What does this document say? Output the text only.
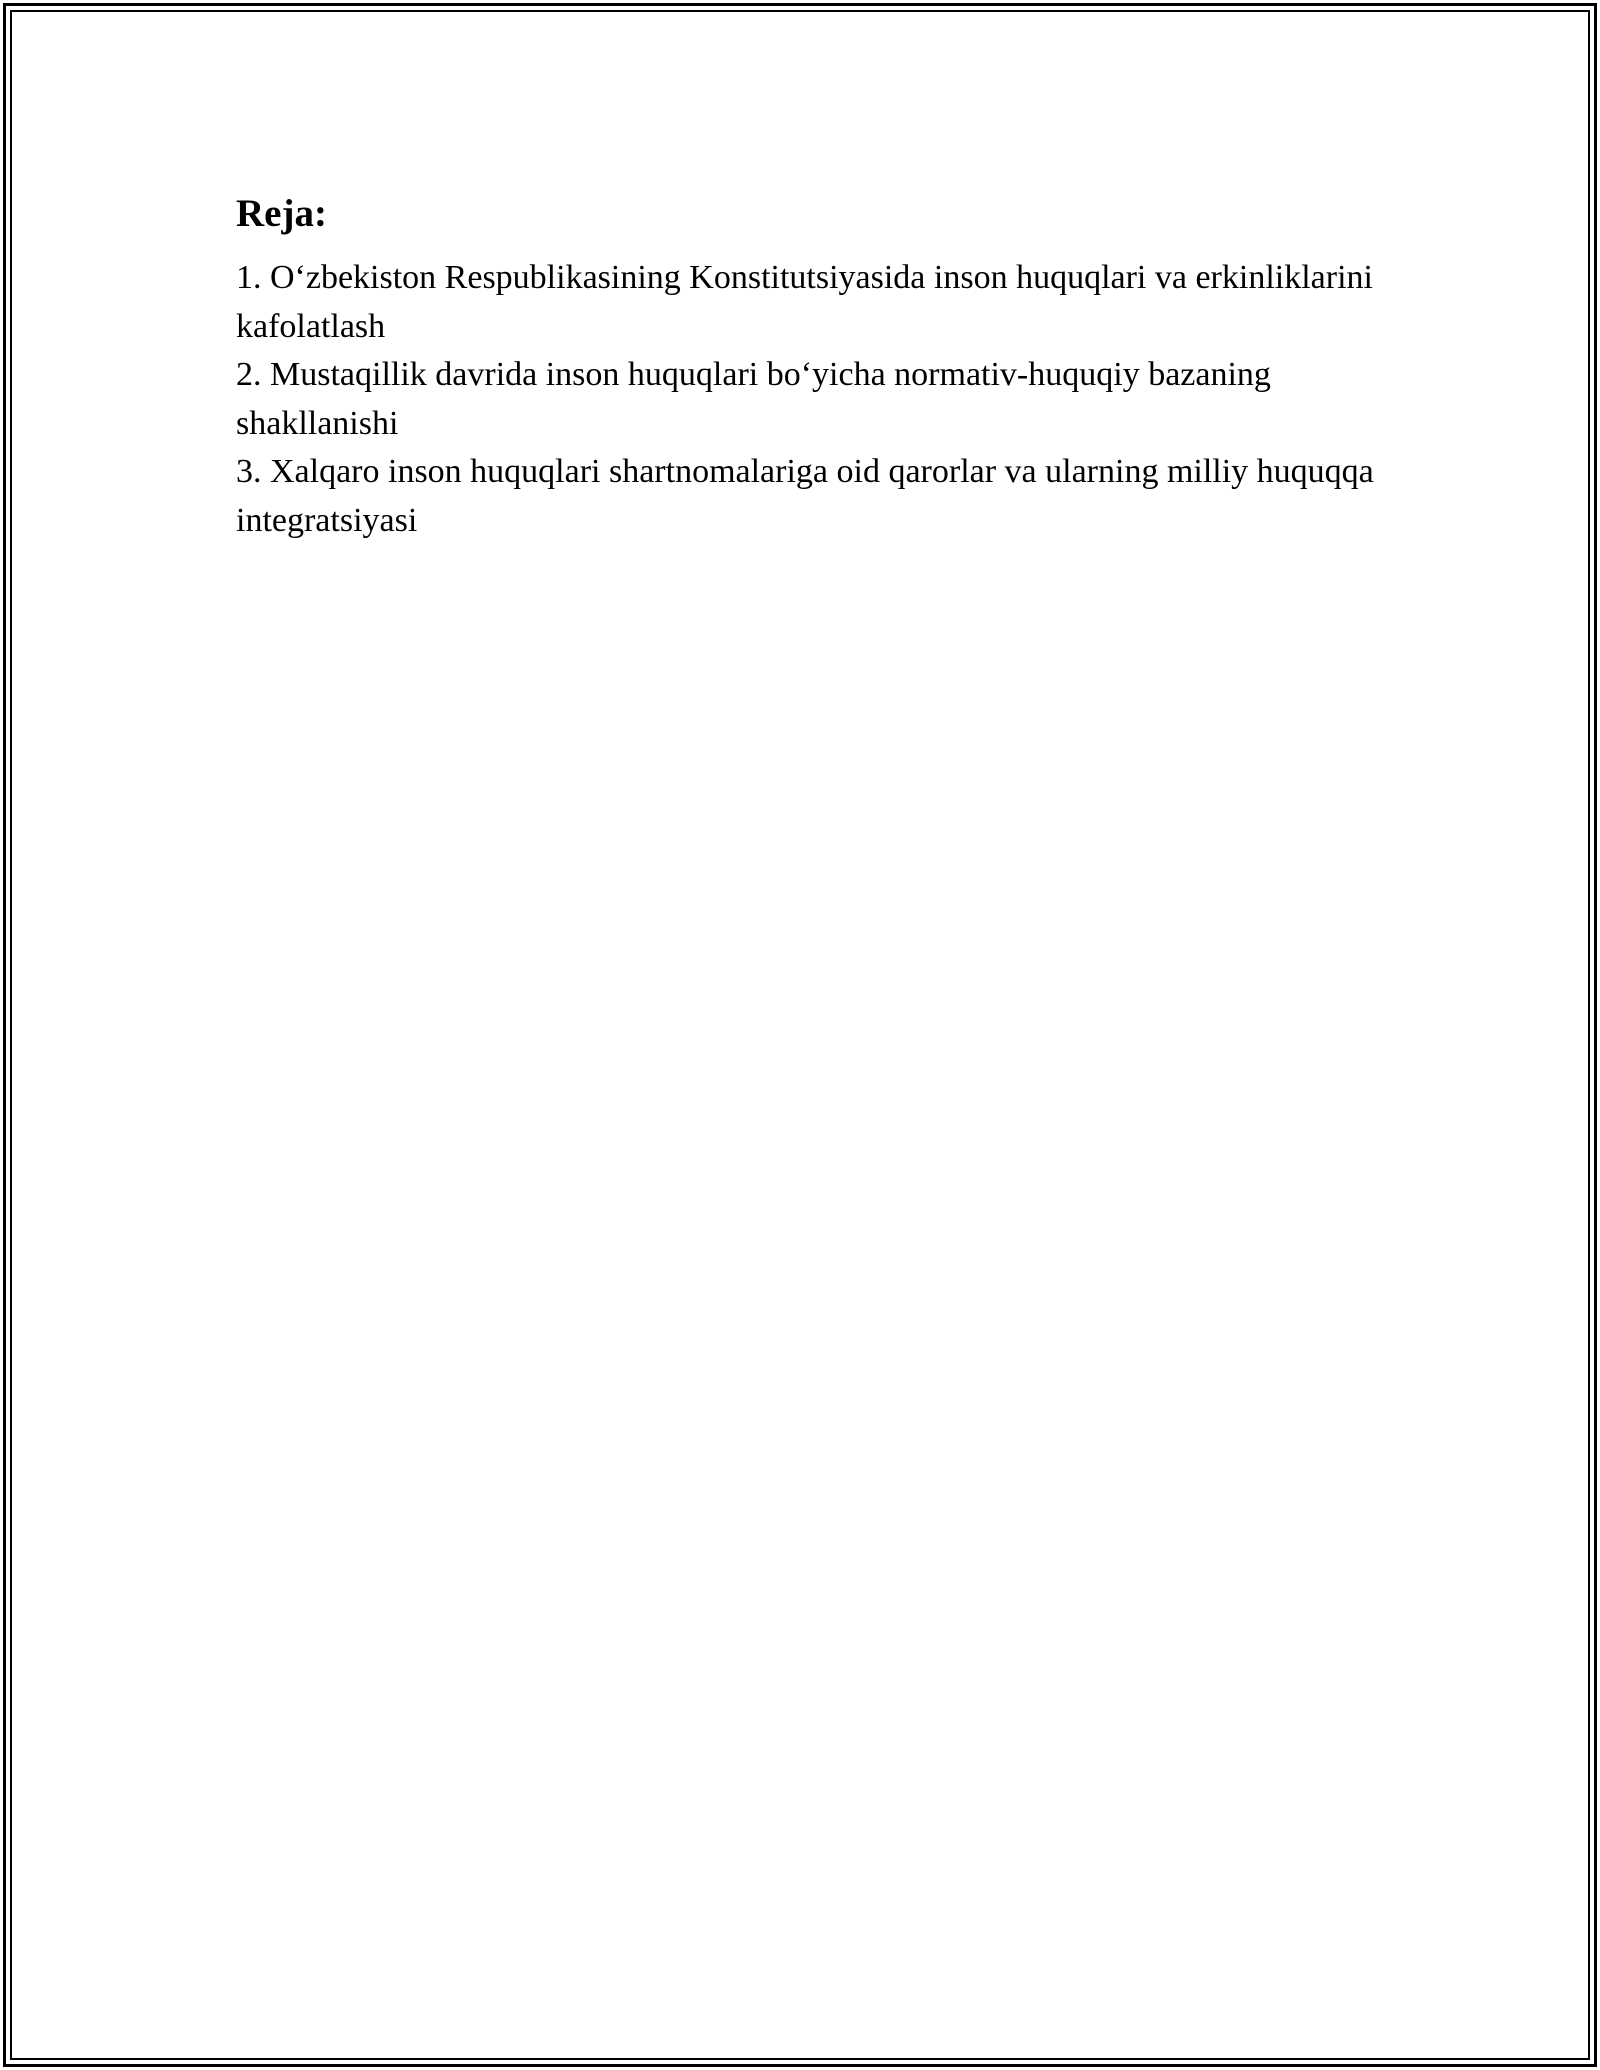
Reja:
1. O‘zbekiston Respublikasining Konstitutsiyasida inson huquqlari va erkinliklarini kafolatlash
2. Mustaqillik davrida inson huquqlari bo‘yicha normativ-huquqiy bazaning shakllanishi
3. Xalqaro inson huquqlari shartnomalariga oid qarorlar va ularning milliy huquqqa integratsiyasi
